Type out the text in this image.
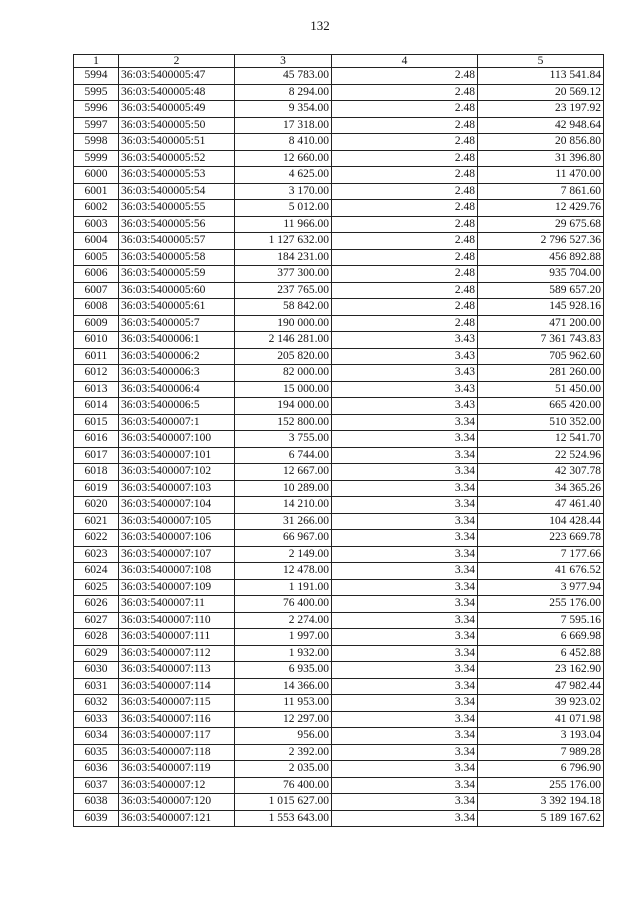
132
1	2	3	4	5
5994	36:03:5400005:47	45 783.00	2.48	113 541.84
5995	36:03:5400005:48	8 294.00	2.48	20 569.12
5996	36:03:5400005:49	9 354.00	2.48	23 197.92
5997	36:03:5400005:50	17 318.00	2.48	42 948.64
5998	36:03:5400005:51	8 410.00	2.48	20 856.80
5999	36:03:5400005:52	12 660.00	2.48	31 396.80
6000	36:03:5400005:53	4 625.00	2.48	11 470.00
6001	36:03:5400005:54	3 170.00	2.48	7 861.60
6002	36:03:5400005:55	5 012.00	2.48	12 429.76
6003	36:03:5400005:56	11 966.00	2.48	29 675.68
6004	36:03:5400005:57	1 127 632.00	2.48	2 796 527.36
6005	36:03:5400005:58	184 231.00	2.48	456 892.88
6006	36:03:5400005:59	377 300.00	2.48	935 704.00
6007	36:03:5400005:60	237 765.00	2.48	589 657.20
6008	36:03:5400005:61	58 842.00	2.48	145 928.16
6009	36:03:5400005:7	190 000.00	2.48	471 200.00
6010	36:03:5400006:1	2 146 281.00	3.43	7 361 743.83
6011	36:03:5400006:2	205 820.00	3.43	705 962.60
6012	36:03:5400006:3	82 000.00	3.43	281 260.00
6013	36:03:5400006:4	15 000.00	3.43	51 450.00
6014	36:03:5400006:5	194 000.00	3.43	665 420.00
6015	36:03:5400007:1	152 800.00	3.34	510 352.00
6016	36:03:5400007:100	3 755.00	3.34	12 541.70
6017	36:03:5400007:101	6 744.00	3.34	22 524.96
6018	36:03:5400007:102	12 667.00	3.34	42 307.78
6019	36:03:5400007:103	10 289.00	3.34	34 365.26
6020	36:03:5400007:104	14 210.00	3.34	47 461.40
6021	36:03:5400007:105	31 266.00	3.34	104 428.44
6022	36:03:5400007:106	66 967.00	3.34	223 669.78
6023	36:03:5400007:107	2 149.00	3.34	7 177.66
6024	36:03:5400007:108	12 478.00	3.34	41 676.52
6025	36:03:5400007:109	1 191.00	3.34	3 977.94
6026	36:03:5400007:11	76 400.00	3.34	255 176.00
6027	36:03:5400007:110	2 274.00	3.34	7 595.16
6028	36:03:5400007:111	1 997.00	3.34	6 669.98
6029	36:03:5400007:112	1 932.00	3.34	6 452.88
6030	36:03:5400007:113	6 935.00	3.34	23 162.90
6031	36:03:5400007:114	14 366.00	3.34	47 982.44
6032	36:03:5400007:115	11 953.00	3.34	39 923.02
6033	36:03:5400007:116	12 297.00	3.34	41 071.98
6034	36:03:5400007:117	956.00	3.34	3 193.04
6035	36:03:5400007:118	2 392.00	3.34	7 989.28
6036	36:03:5400007:119	2 035.00	3.34	6 796.90
6037	36:03:5400007:12	76 400.00	3.34	255 176.00
6038	36:03:5400007:120	1 015 627.00	3.34	3 392 194.18
6039	36:03:5400007:121	1 553 643.00	3.34	5 189 167.62
